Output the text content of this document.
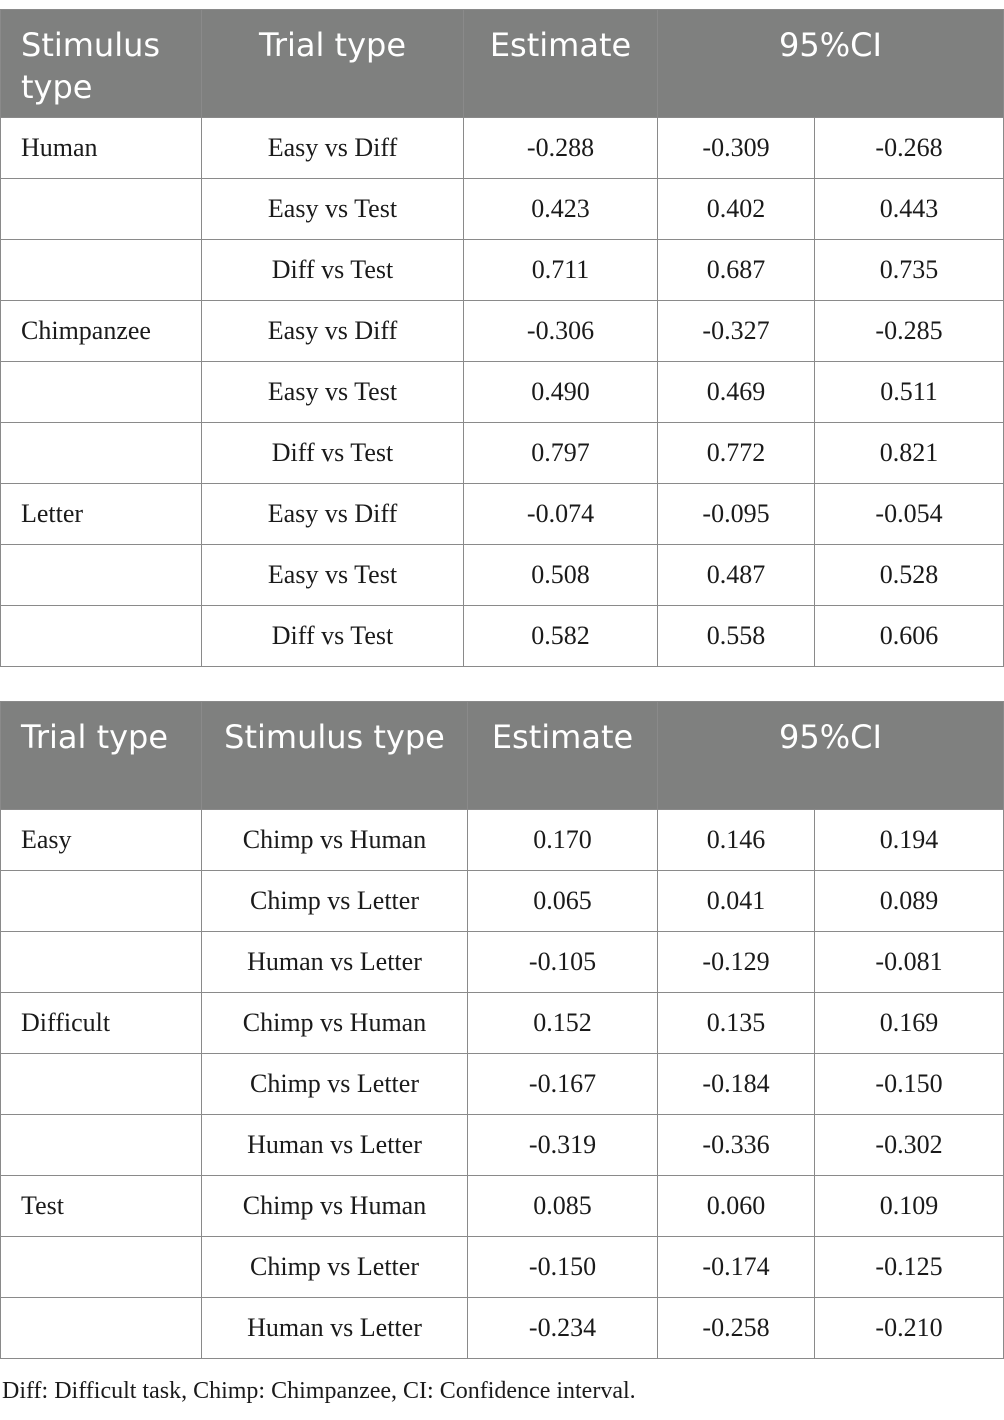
Stimulus type	Trial type	Estimate	95%CI	
Human	Easy vs Diff	-0.288	-0.309	-0.268
	Easy vs Test	0.423	0.402	0.443
	Diff vs Test	0.711	0.687	0.735
Chimpanzee	Easy vs Diff	-0.306	-0.327	-0.285
	Easy vs Test	0.490	0.469	0.511
	Diff vs Test	0.797	0.772	0.821
Letter	Easy vs Diff	-0.074	-0.095	-0.054
	Easy vs Test	0.508	0.487	0.528
	Diff vs Test	0.582	0.558	0.606
Trial type	Stimulus type	Estimate	95%CI	
Easy	Chimp vs Human	0.170	0.146	0.194
	Chimp vs Letter	0.065	0.041	0.089
	Human vs Letter	-0.105	-0.129	-0.081
Difficult	Chimp vs Human	0.152	0.135	0.169
	Chimp vs Letter	-0.167	-0.184	-0.150
	Human vs Letter	-0.319	-0.336	-0.302
Test	Chimp vs Human	0.085	0.060	0.109
	Chimp vs Letter	-0.150	-0.174	-0.125
	Human vs Letter	-0.234	-0.258	-0.210
Diff: Difficult task, Chimp: Chimpanzee, CI: Confidence interval.
